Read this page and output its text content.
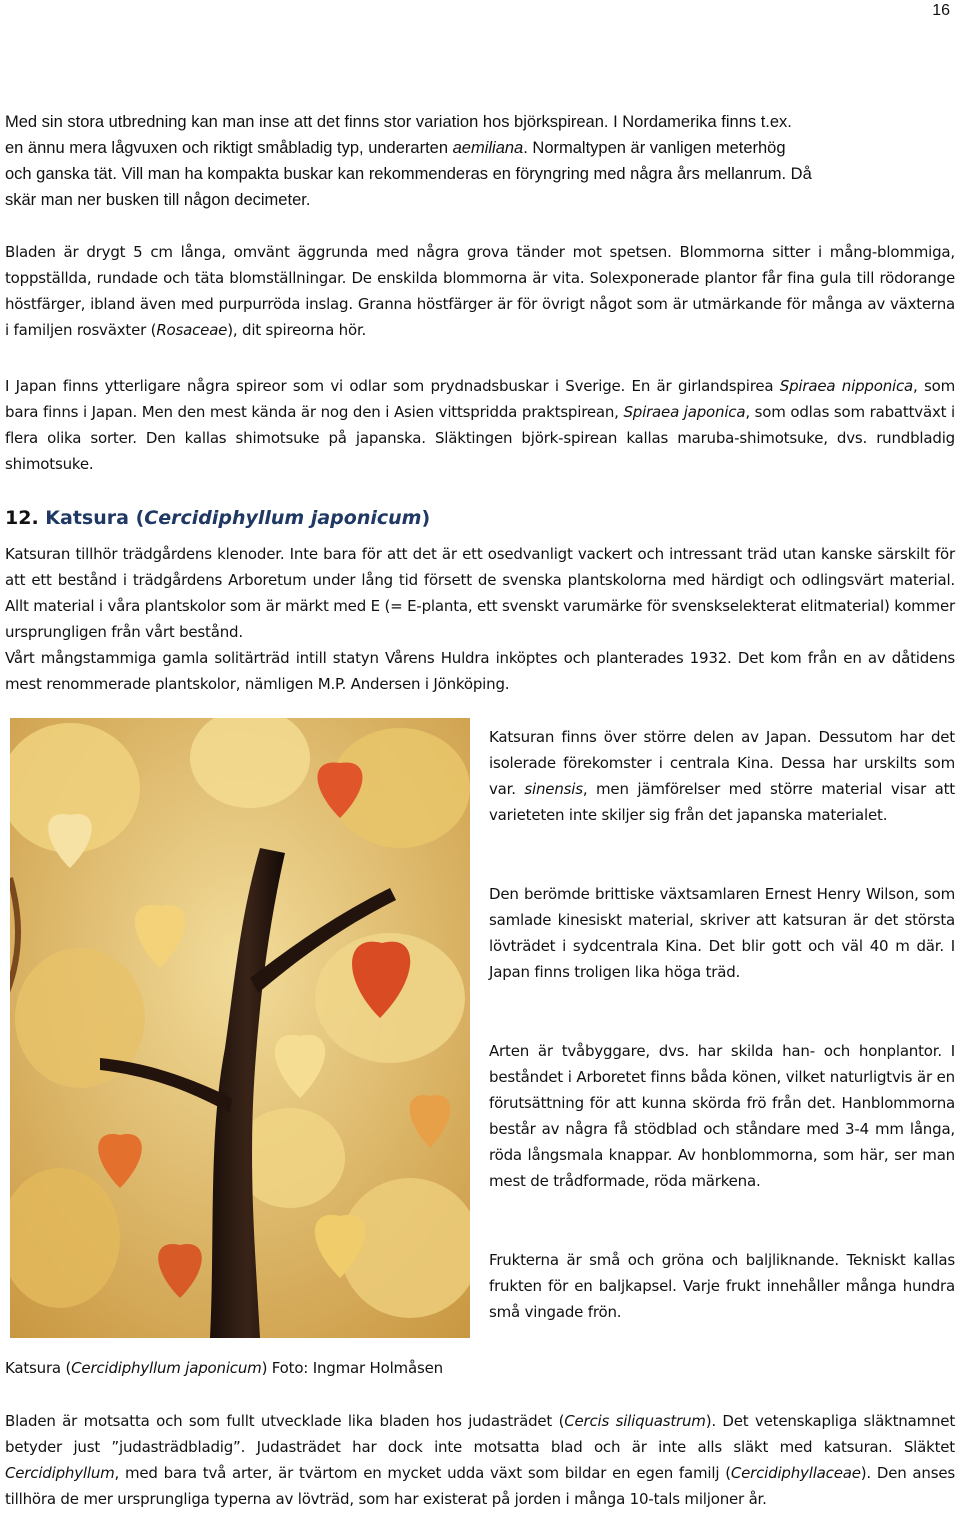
16

Med sin stora utbredning kan man inse att det finns stor variation hos björkspirean. I Nordamerika finns t.ex.
en ännu mera lågvuxen och riktigt småbladig typ, underarten aemiliana. Normaltypen är vanligen meterhög
och ganska tät. Vill man ha kompakta buskar kan rekommenderas en föryngring med några års mellanrum. Då
skär man ner busken till någon decimeter.

Bladen är drygt 5 cm långa, omvänt äggrunda med några grova tänder mot spetsen. Blommorna sitter i mång-blommiga, toppställda, rundade och täta blomställningar. De enskilda blommorna är vita. Solexponerade plantor får fina gula till rödorange höstfärger, ibland även med purpurröda inslag. Granna höstfärger är för övrigt något som är utmärkande för många av växterna i familjen rosväxter (Rosaceae), dit spireorna hör.

I Japan finns ytterligare några spireor som vi odlar som prydnadsbuskar i Sverige. En är girlandspirea Spiraea nipponica, som bara finns i Japan. Men den mest kända är nog den i Asien vittspridda praktspirean, Spiraea japonica, som odlas som rabattväxt i flera olika sorter. Den kallas shimotsuke på japanska. Släktingen björk-spirean kallas maruba-shimotsuke, dvs. rundbladig shimotsuke.

12. Katsura (Cercidiphyllum japonicum)

Katsuran tillhör trädgårdens klenoder. Inte bara för att det är ett osedvanligt vackert och intressant träd utan kanske särskilt för att ett bestånd i trädgårdens Arboretum under lång tid försett de svenska plantskolorna med härdigt och odlingsvärt material. Allt material i våra plantskolor som är märkt med E (= E-planta, ett svenskt varumärke för svenskselekterat elitmaterial) kommer ursprungligen från vårt bestånd.
Vårt mångstammiga gamla solitärträd intill statyn Vårens Huldra inköptes och planterades 1932. Det kom från en av dåtidens mest renommerade plantskolor, nämligen M.P. Andersen i Jönköping.

Katsura (Cercidiphyllum japonicum) Foto: Ingmar Holmåsen

Katsuran finns över större delen av Japan. Dessutom har det isolerade förekomster i centrala Kina. Dessa har urskilts som var. sinensis, men jämförelser med större material visar att varieteten inte skiljer sig från det japanska materialet.

Den berömde brittiske växtsamlaren Ernest Henry Wilson, som samlade kinesiskt material, skriver att katsuran är det största lövträdet i sydcentrala Kina. Det blir gott och väl 40 m där. I Japan finns troligen lika höga träd.

Arten är tvåbyggare, dvs. har skilda han- och honplantor. I beståndet i Arboretet finns båda könen, vilket naturligtvis är en förutsättning för att kunna skörda frö från det. Hanblommorna består av några få stödblad och ståndare med 3-4 mm långa, röda långsmala knappar. Av honblommorna, som här, ser man mest de trådformade, röda märkena.

Frukterna är små och gröna och baljliknande. Tekniskt kallas frukten för en baljkapsel. Varje frukt innehåller många hundra små vingade frön.

Bladen är motsatta och som fullt utvecklade lika bladen hos judasträdet (Cercis siliquastrum). Det vetenskapliga släktnamnet betyder just ”judasträdbladig”. Judasträdet har dock inte motsatta blad och är inte alls släkt med katsuran. Släktet Cercidiphyllum, med bara två arter, är tvärtom en mycket udda växt som bildar en egen familj (Cercidiphyllaceae). Den anses tillhöra de mer ursprungliga typerna av lövträd, som har existerat på jorden i många 10-tals miljoner år.
